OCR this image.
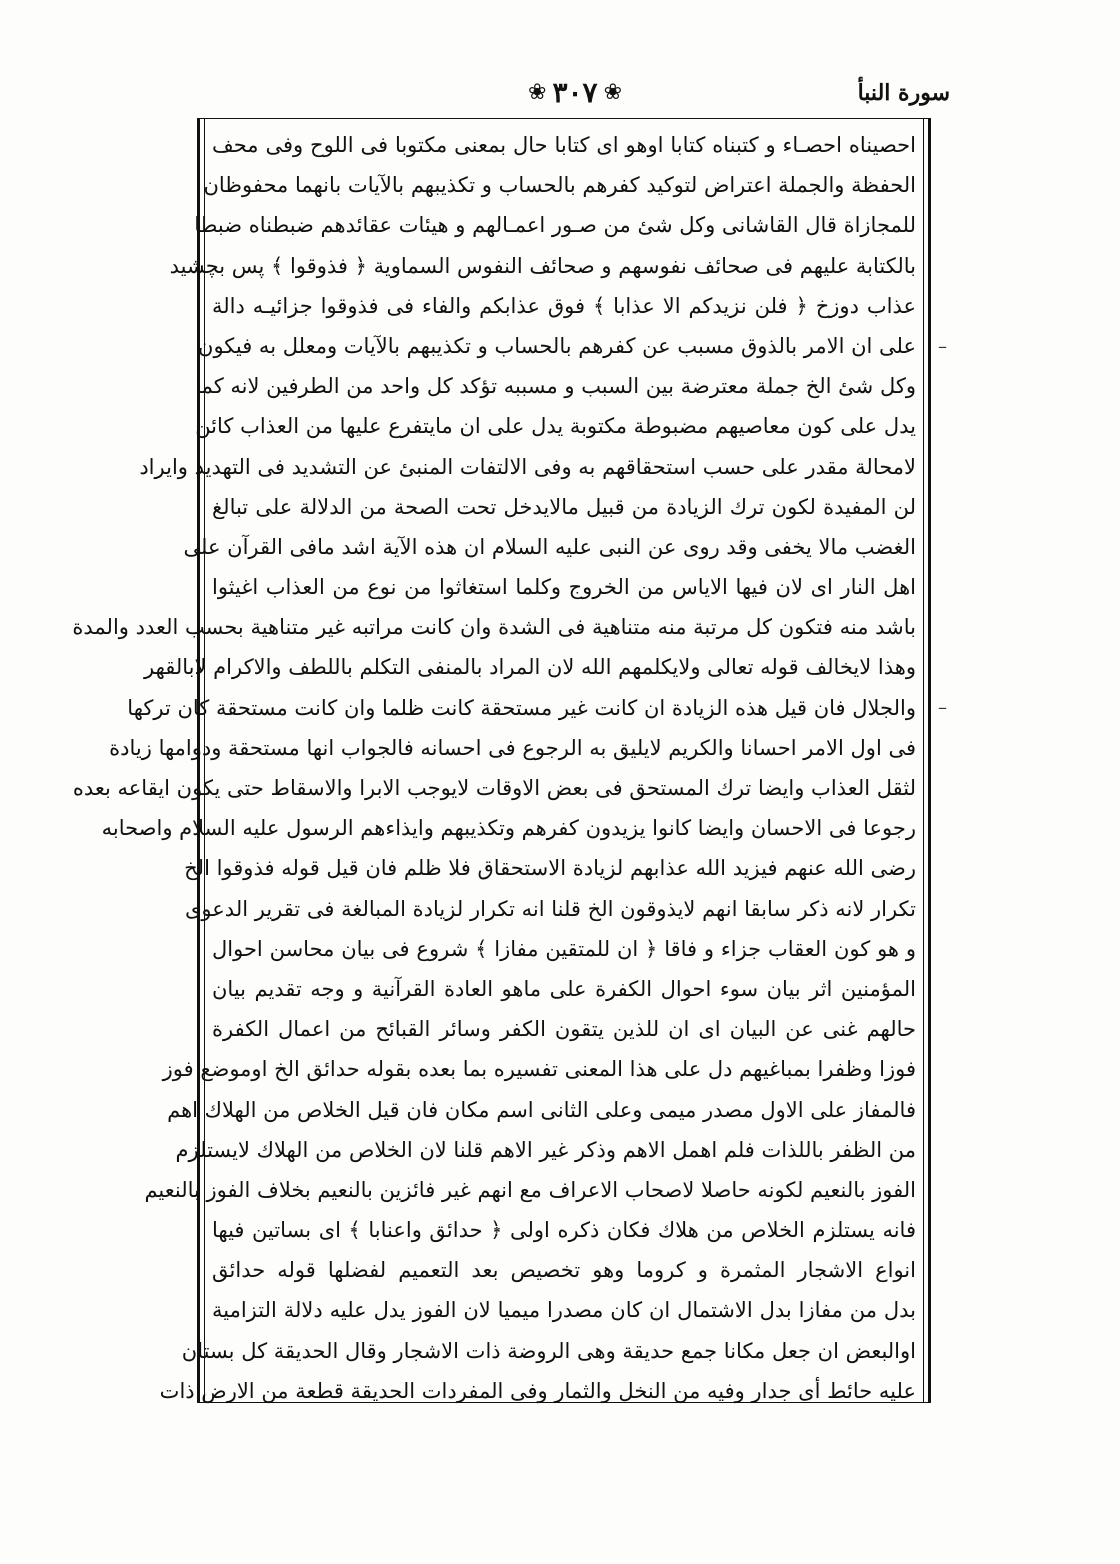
سورة النبأ
❀ ٣٠٧ ❀
احصيناه احصـاء و كتبناه كتابا اوهو اى كتابا حال بمعنى مكتوبا فى اللوح وفى محف
الحفظة والجملة اعتراض لتوكيد كفرهم بالحساب و تكذيبهم بالآيات بانهما محفوظان
للمجازاة قال القاشانى وكل شئ من صـور اعمـالهم و هيئات عقائدهم ضبطناه ضبطا
بالكتابة عليهم فى صحائف نفوسهم و صحائف النفوس السماوية ﴿ فذوقوا ﴾ پس بچشيد
عذاب دوزخ ﴿ فلن نزيدكم الا عذابا ﴾ فوق عذابكم والفاء فى فذوقوا جزائيـه دالة
على ان الامر بالذوق مسبب عن كفرهم بالحساب و تكذيبهم بالآيات ومعلل به فيكون
وكل شئ الخ جملة معترضة بين السبب و مسببه تؤكد كل واحد من الطرفين لانه كما
يدل على كون معاصيهم مضبوطة مكتوبة يدل على ان مايتفرع عليها من العذاب كائن
لامحالة مقدر على حسب استحقاقهم به وفى الالتفات المنبئ عن التشديد فى التهديد وايراد
لن المفيدة لكون ترك الزيادة من قبيل مالايدخل تحت الصحة من الدلالة على تبالغ
الغضب مالا يخفى وقد روى عن النبى عليه السلام ان هذه الآية اشد مافى القرآن على
اهل النار اى لان فيها الاياس من الخروج وكلما استغاثوا من نوع من العذاب اغيثوا
باشد منه فتكون كل مرتبة منه متناهية فى الشدة وان كانت مراتبه غير متناهية بحسب العدد والمدة
وهذا لايخالف قوله تعالى ولايكلمهم الله لان المراد بالمنفى التكلم باللطف والاكرام لابالقهر
والجلال فان قيل هذه الزيادة ان كانت غير مستحقة كانت ظلما وان كانت مستحقة كان تركها
فى اول الامر احسانا والكريم لايليق به الرجوع فى احسانه فالجواب انها مستحقة ودوامها زيادة
لثقل العذاب وايضا ترك المستحق فى بعض الاوقات لايوجب الابرا والاسقاط حتى يكون ايقاعه بعده
رجوعا فى الاحسان وايضا كانوا يزيدون كفرهم وتكذيبهم وايذاءهم الرسول عليه السلام واصحابه
رضى الله عنهم فيزيد الله عذابهم لزيادة الاستحقاق فلا ظلم فان قيل قوله فذوقوا الخ
تكرار لانه ذكر سابقا انهم لايذوقون الخ قلنا انه تكرار لزيادة المبالغة فى تقرير الدعوى
و هو كون العقاب جزاء و فاقا ﴿ ان للمتقين مفازا ﴾ شروع فى بيان محاسن احوال
المؤمنين اثر بيان سوء احوال الكفرة على ماهو العادة القرآنية و وجه تقديم بيان
حالهم غنى عن البيان اى ان للذين يتقون الكفر وسائر القبائح من اعمال الكفرة
فوزا وظفرا بمباغيهم دل على هذا المعنى تفسيره بما بعده بقوله حدائق الخ اوموضع فوز
فالمفاز على الاول مصدر ميمى وعلى الثانى اسم مكان فان قيل الخلاص من الهلاك اهم
من الظفر باللذات فلم اهمل الاهم وذكر غير الاهم قلنا لان الخلاص من الهلاك لايستلزم
الفوز بالنعيم لكونه حاصلا لاصحاب الاعراف مع انهم غير فائزين بالنعيم بخلاف الفوز بالنعيم
فانه يستلزم الخلاص من هلاك فكان ذكره اولى ﴿ حدائق واعنابا ﴾ اى بساتين فيها
انواع الاشجار المثمرة و كروما وهو تخصيص بعد التعميم لفضلها قوله حدائق
بدل من مفازا بدل الاشتمال ان كان مصدرا ميميا لان الفوز يدل عليه دلالة التزامية
اوالبعض ان جعل مكانا جمع حديقة وهى الروضة ذات الاشجار وقال الحديقة كل بستان
عليه حائط أى جدار وفيه من النخل والثمار وفى المفردات الحديقة قطعة من الارض ذات
–
–
